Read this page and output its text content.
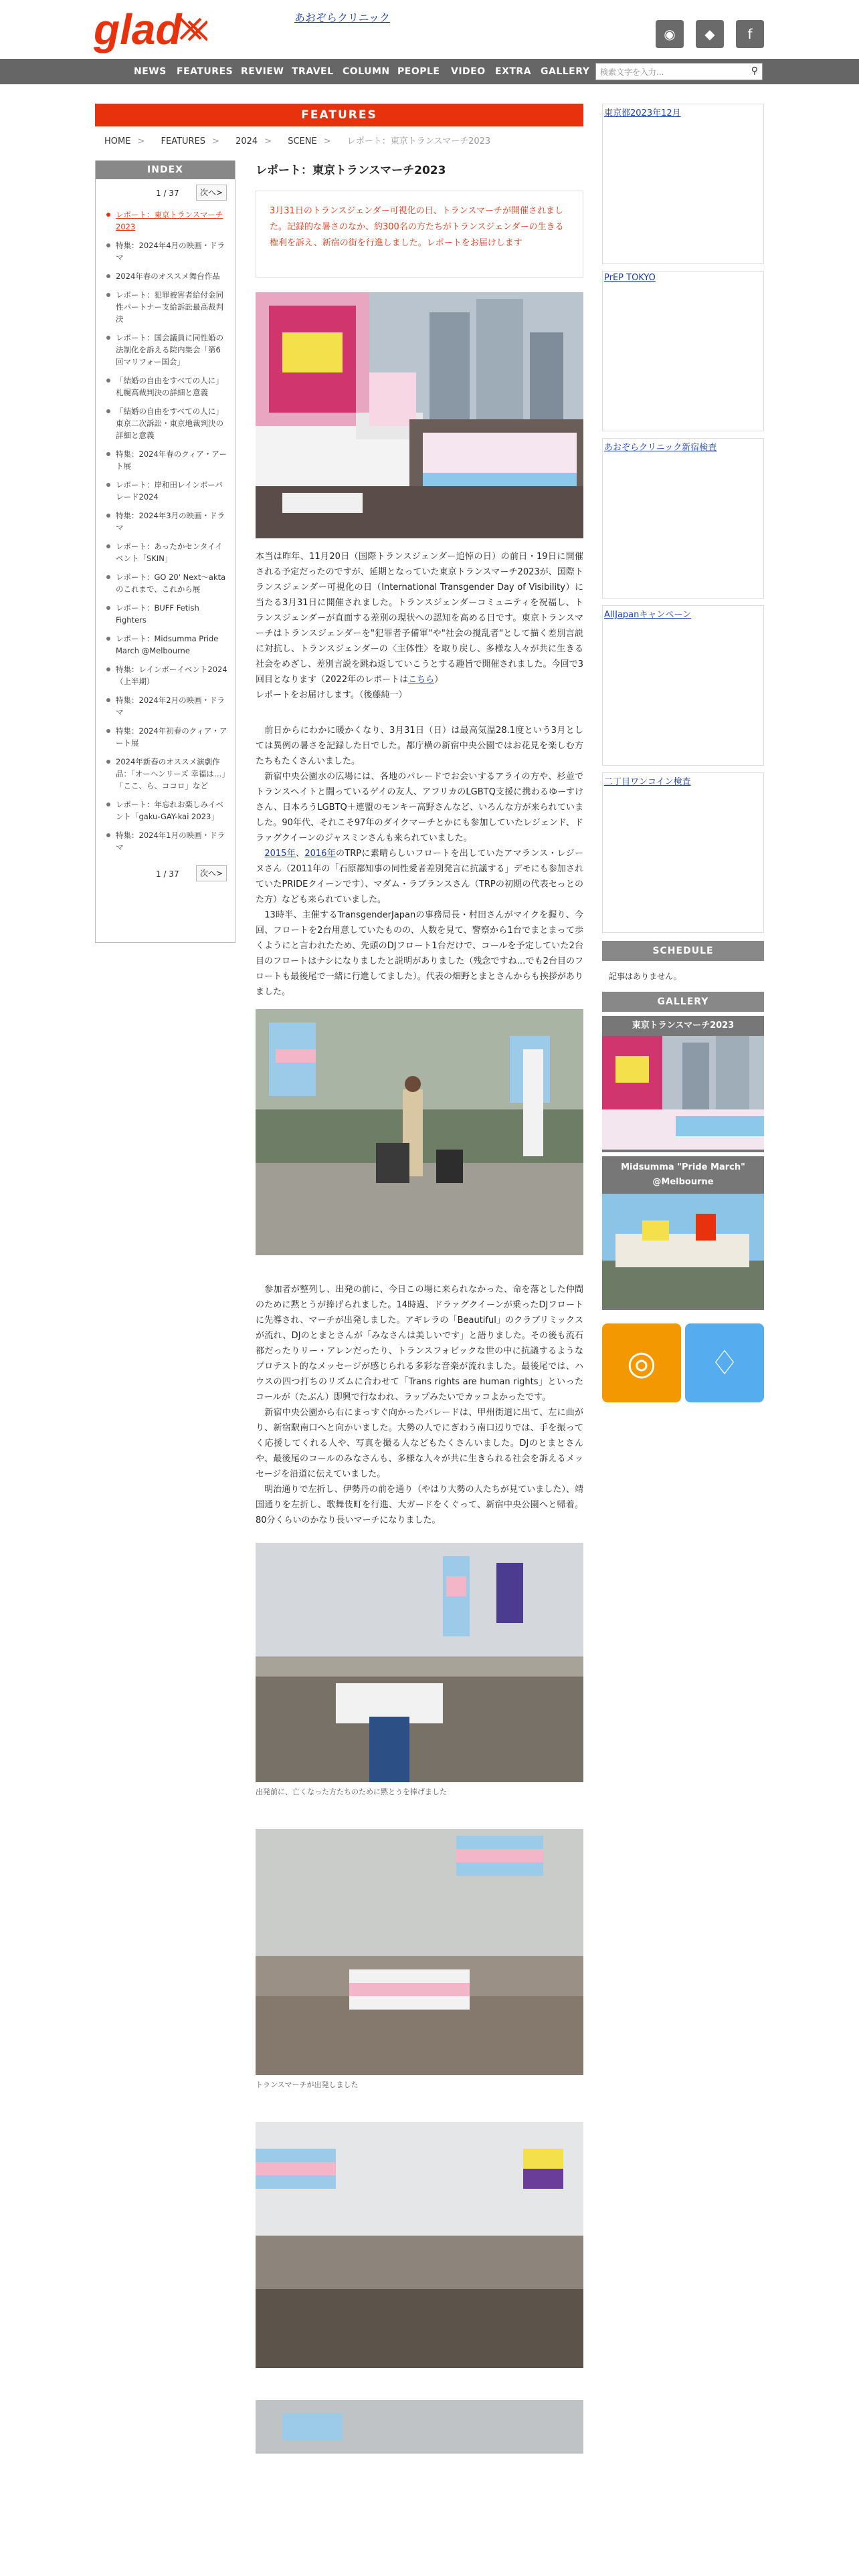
glad	あおぞらクリニック
◉	◆	f
NEWS FEATURES REVIEW TRAVEL COLUMN PEOPLE VIDEO EXTRA GALLERY	検索文字を入力...	⚲
FEATURES
HOME > FEATURES > 2024 > SCENE > レポート：東京トランスマーチ2023
INDEX
1 / 37	次へ>
レポート：東京トランスマーチ2023
特集：2024年4月の映画・ドラマ
2024年春のオススメ舞台作品
レポート：犯罪被害者給付金同性パートナー支給訴訟最高裁判決
レポート：国会議員に同性婚の法制化を訴える院内集会「第6回マリフォー国会」
「結婚の自由をすべての人に」札幌高裁判決の詳細と意義
「結婚の自由をすべての人に」東京二次訴訟・東京地裁判決の詳細と意義
特集：2024年春のクィア・アート展
レポート：岸和田レインボーパレード2024
特集：2024年3月の映画・ドラマ
レポート：あったかセンタイイベント「SKIN」
レポート：GO 20' Next〜akta のこれまで、これから展
レポート：BUFF Fetish Fighters
レポート：Midsumma Pride March @Melbourne
特集：レインボーイベント2024（上半期）
特集：2024年2月の映画・ドラマ
特集：2024年初春のクィア・アート展
2024年新春のオススメ演劇作品：「オーヘンリーズ 幸福は…」「ここ、ら、ココロ」など
レポート：年忘れお楽しみイベント「gaku-GAY-kai 2023」
特集：2024年1月の映画・ドラマ
1 / 37	次へ>
レポート：東京トランスマーチ2023
3月31日のトランスジェンダー可視化の日、トランスマーチが開催されました。記録的な暑さのなか、約300名の方たちがトランスジェンダーの生きる権利を訴え、新宿の街を行進しました。レポートをお届けします

本当は昨年、11月20日（国際トランスジェンダー追悼の日）の前日・19日に開催される予定だったのですが、延期となっていた東京トランスマーチ2023が、国際トランスジェンダー可視化の日（International Transgender Day of Visibility）に当たる3月31日に開催されました。トランスジェンダーコミュニティを祝福し、トランスジェンダーが直面する差別の現状への認知を高める日です。東京トランスマーチはトランスジェンダーを"犯罪者予備軍"や"社会の撹乱者"として描く差別言説に対抗し、トランスジェンダーの〈主体性〉を取り戻し、多様な人々が共に生きる社会をめざし、差別言説を跳ね返していこうとする趣旨で開催されました。今回で3回目となります（2022年のレポートはこちら）

レポートをお届けします。（後藤純一）

　前日からにわかに暖かくなり、3月31日（日）は最高気温28.1度という3月としては異例の暑さを記録した日でした。都庁横の新宿中央公園ではお花見を楽しむ方たちもたくさんいました。

　新宿中央公園水の広場には、各地のパレードでお会いするアライの方や、杉並でトランスヘイトと闘っているゲイの友人、アフリカのLGBTQ支援に携わるゆーすけさん、日本ろうLGBTQ＋連盟のモンキー高野さんなど、いろんな方が来られていました。90年代、それこそ97年のダイクマーチとかにも参加していたレジェンド、ドラァグクイーンのジャスミンさんも来られていました。

　2015年、2016年のTRPに素晴らしいフロートを出していたアマランス・レジーヌさん（2011年の「石原都知事の同性愛者差別発言に抗議する」デモにも参加されていたPRIDEクイーンです）、マダム・ラブランスさん（TRPの初期の代表セっとのた方）なども来られていました。

　13時半、主催するTransgenderJapanの事務局長・村田さんがマイクを握り、今回、フロートを2台用意していたものの、人数を見て、警察から1台でまとまって歩くようにと言われたため、先頭のDJフロート1台だけで、コールを予定していた2台目のフロートはナシになりましたと説明がありました（残念ですね…でも2台目のフロートも最後尾で一緒に行進してました）。代表の畑野とまとさんからも挨拶がありました。

　参加者が整列し、出発の前に、今日この場に来られなかった、命を落とした仲間のために黙とうが捧げられました。14時過、ドラァグクイーンが乗ったDJフロートに先導され、マーチが出発しました。アギレラの「Beautiful」のクラブリミックスが流れ、DJのとまとさんが「みなさんは美しいです」と語りました。その後も流石都だったりリー・アレンだったり、トランスフォビックな世の中に抗議するようなプロテスト的なメッセージが感じられる多彩な音楽が流れました。最後尾では、ハウスの四つ打ちのリズムに合わせて「Trans rights are human rights」といったコールが（たぶん）即興で行なわれ、ラップみたいでカッコよかったです。

　新宿中央公園から右にまっすぐ向かったパレードは、甲州街道に出て、左に曲がり、新宿駅南口へと向かいました。大勢の人でにぎわう南口辺りでは、手を振ってく応援してくれる人や、写真を撮る人などもたくさんいました。DJのとまとさんや、最後尾のコールのみなさんも、多様な人々が共に生きられる社会を訴えるメッセージを沿道に伝えていました。

　明治通りで左折し、伊勢丹の前を通り（やはり大勢の人たちが見ていました）、靖国通りを左折し、歌舞伎町を行進、大ガードをくぐって、新宿中央公園へと帰着。80分くらいのかなり長いマーチになりました。

出発前に、亡くなった方たちのために黙とうを捧げました
トランスマーチが出発しました
東京都2023年12月
PrEP TOKYO
あおぞらクリニック新宿検査
AllJapanキャンペーン
二丁目ワンコイン検査
SCHEDULE
記事はありません。
GALLERY
東京トランスマーチ2023
Midsumma "Pride March" @Melbourne
◎	♢
